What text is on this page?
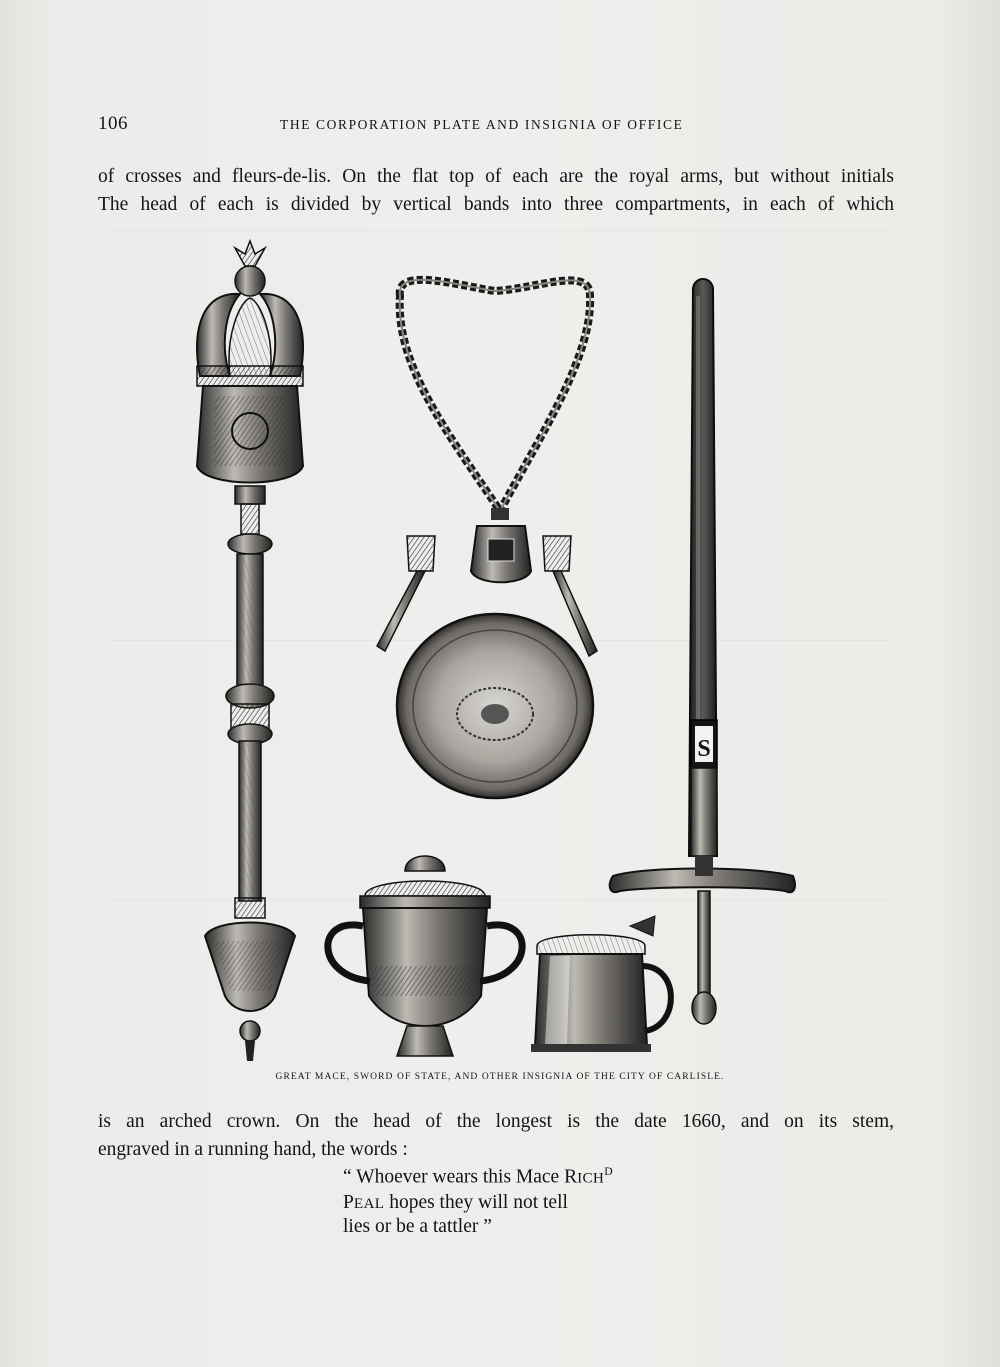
106	THE CORPORATION PLATE AND INSIGNIA OF OFFICE
of crosses and fleurs-de-lis. On the flat top of each are the royal arms, but without initials
The head of each is divided by vertical bands into three compartments, in each of which
S
GREAT MACE, SWORD OF STATE, AND OTHER INSIGNIA OF THE CITY OF CARLISLE.
is an arched crown. On the head of the longest is the date 1660, and on its stem,
engraved in a running hand, the words :
“ Whoever wears this Mace $RICH^D$
PEAL hopes they will not tell
lies or be a tattler ”
